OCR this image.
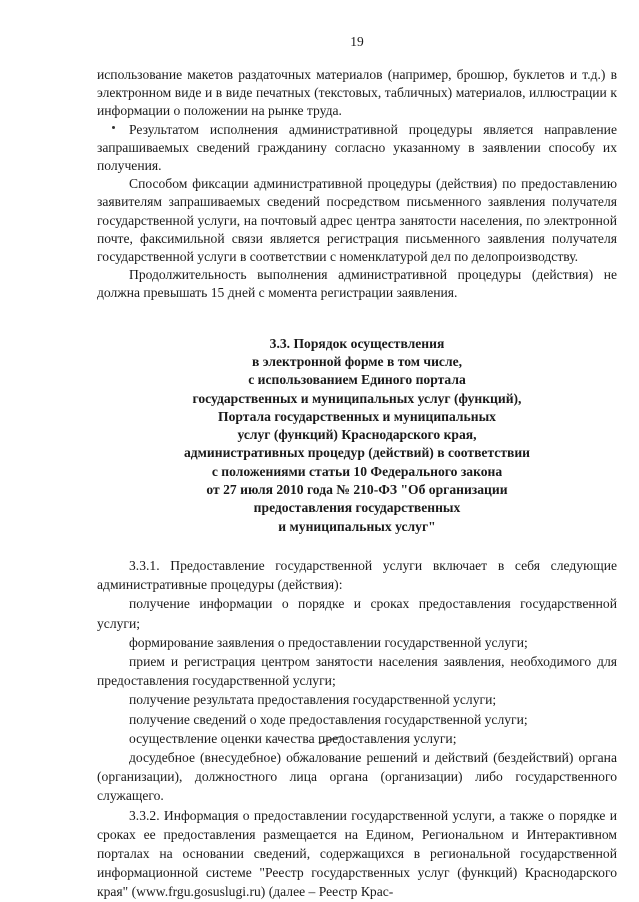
19

использование макетов раздаточных материалов (например, брошюр, буклетов и т.д.) в электронном виде и в виде печатных (текстовых, табличных) материалов, иллюстрации к информации о положении на рынке труда.

Результатом исполнения административной процедуры является направление запрашиваемых сведений гражданину согласно указанному в заявлении способу их получения.

Способом фиксации административной процедуры (действия) по предоставлению заявителям запрашиваемых сведений посредством письменного заявления получателя государственной услуги, на почтовый адрес центра занятости населения, по электронной почте, факсимильной связи является регистрация письменного заявления получателя государственной услуги в соответствии с номенклатурой дел по делопроизводству.

Продолжительность выполнения административной процедуры (действия) не должна превышать 15 дней с момента регистрации заявления.

3.3. Порядок осуществления
в электронной форме в том числе,
с использованием Единого портала
государственных и муниципальных услуг (функций),
Портала государственных и муниципальных
услуг (функций) Краснодарского края,
административных процедур (действий) в соответствии
с положениями статьи 10 Федерального закона
от 27 июля 2010 года № 210-ФЗ "Об организации
предоставления государственных
и муниципальных услуг"

3.3.1. Предоставление государственной услуги включает в себя следующие административные процедуры (действия):

получение информации о порядке и сроках предоставления государственной услуги;

формирование заявления о предоставлении государственной услуги;

прием и регистрация центром занятости населения заявления, необходимого для предоставления государственной услуги;

получение результата предоставления государственной услуги;

получение сведений о ходе предоставления государственной услуги;

осуществление оценки качества предоставления услуги;

досудебное (внесудебное) обжалование решений и действий (бездействий) органа (организации), должностного лица органа (организации) либо государственного служащего.

3.3.2. Информация о предоставлении государственной услуги, а также о порядке и сроках ее предоставления размещается на Едином, Региональном и Интерактивном порталах на основании сведений, содержащихся в региональной государственной информационной системе "Реестр государственных услуг (функций) Краснодарского края" (www.frgu.gosuslugi.ru) (далее – Реестр Крас-
